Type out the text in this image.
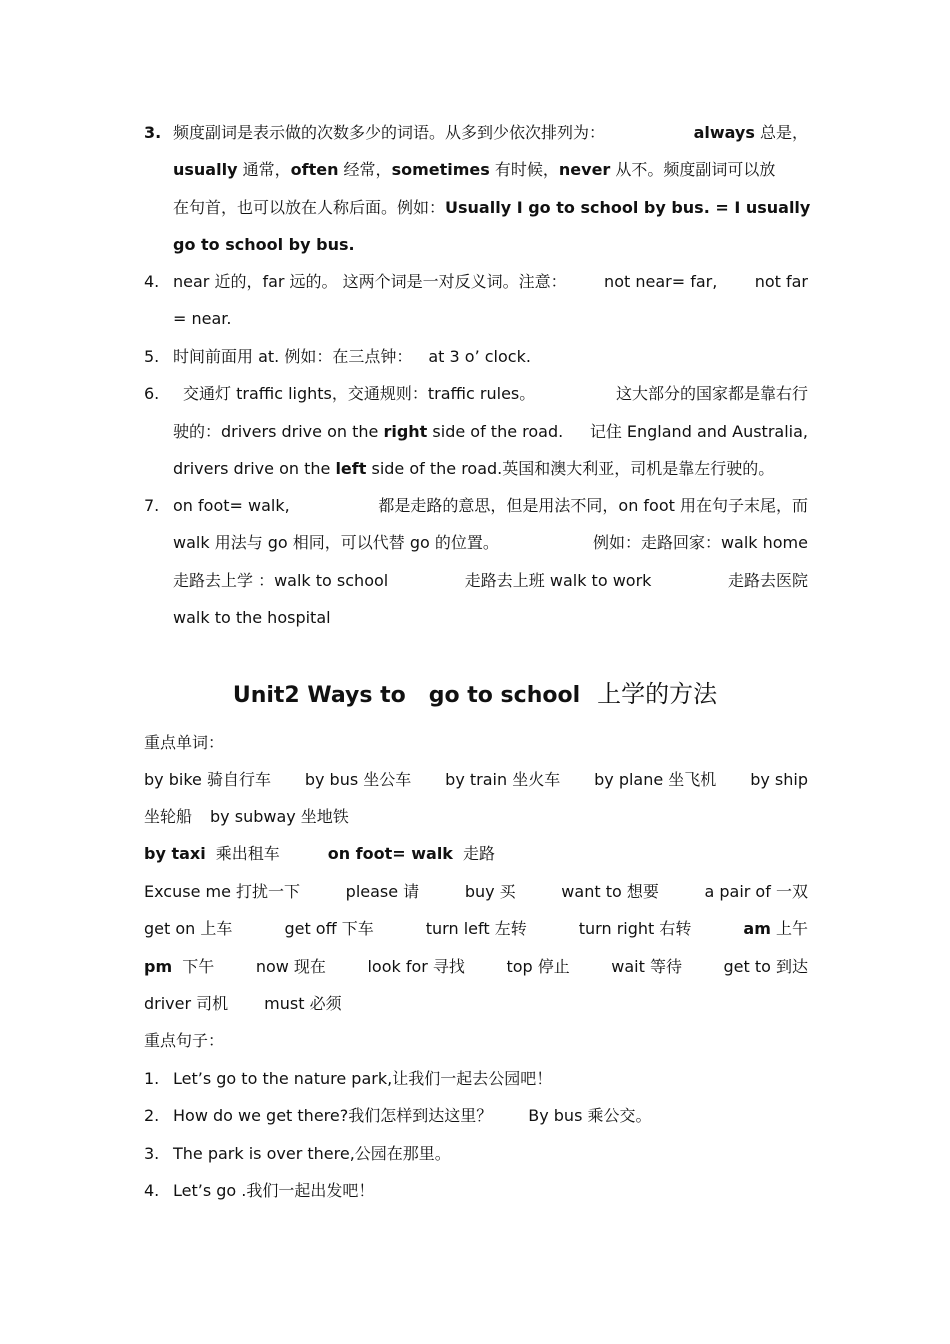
3. 频度副词是表示做的次数多少的词语。从多到少依次排列为：	always 总是，
usually 通常，often 经常，sometimes 有时候，never 从不。频度副词可以放
在句首，也可以放在人称后面。例如： Usually I go to school by bus. = I usually
go to school by bus.
4. near 近的，far 远的。 这两个词是一对反义词。注意： not near= far, not far
= near.
5. 时间前面用 at. 例如：在三点钟： at 3 o’ clock.
6.	交通灯 traffic lights，交通规则：traffic rules。	这大部分的国家都是靠右行
驶的：drivers drive on the right side of the road. 记住 England and Australia,
drivers drive on the
left
side of the road.英国和澳大利亚，司机是靠左行驶的。
7. on foot= walk,	都是走路的意思，但是用法不同，on foot 用在句子末尾，而
walk 用法与 go 相同，可以代替 go 的位置。	例如：走路回家：walk home
走路去上学 ：walk to school	走路去上班 walk to work	走路去医院
walk to the hospital
Unit2 Ways to   go to school 上学的方法
重点单词：
by bike 骑自行车 by bus 坐公车 by train 坐火车 by plane 坐飞机 by ship
坐轮船 by subway 坐地铁
by taxi 乘出租车	on foot= walk 走路
Excuse me 打扰一下	please 请	buy 买	want to 想要	a pair of 一双
get on 上车	get off 下车	turn left 左转	turn right 右转	am 上午
pm 下午	now 现在	look for 寻找	top 停止	wait 等待	get to 到达
driver 司机 must 必须
重点句子：
1. Let’s go to the nature park,让我们一起去公园吧！
2. How do we get there?我们怎样到达这里？ By bus 乘公交。
3. The park is over there,公园在那里。
4. Let’s go .我们一起出发吧！
